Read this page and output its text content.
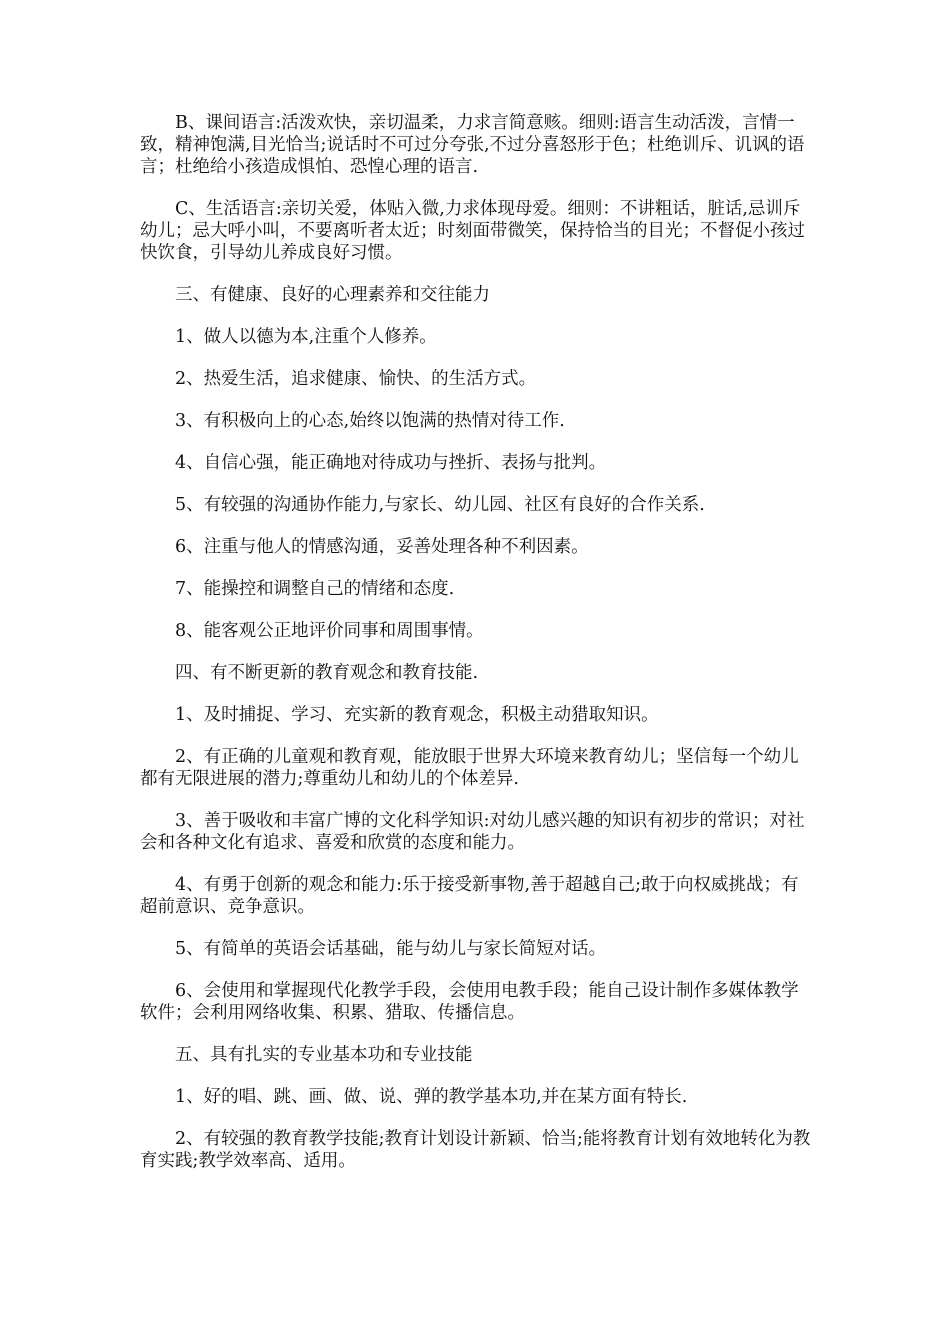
B、课间语言:活泼欢快，亲切温柔，力求言简意赅。细则:语言生动活泼，言情一致，精神饱满,目光恰当;说话时不可过分夸张,不过分喜怒形于色；杜绝训斥、讥讽的语言；杜绝给小孩造成惧怕、恐惶心理的语言.

C、生活语言:亲切关爱，体贴入微,力求体现母爱。细则：不讲粗话，脏话,忌训斥幼儿；忌大呼小叫，不要离听者太近；时刻面带微笑，保持恰当的目光；不督促小孩过快饮食，引导幼儿养成良好习惯。

三、有健康、良好的心理素养和交往能力

1、做人以德为本,注重个人修养。

2、热爱生活，追求健康、愉快、的生活方式。

3、有积极向上的心态,始终以饱满的热情对待工作.

4、自信心强，能正确地对待成功与挫折、表扬与批判。

5、有较强的沟通协作能力,与家长、幼儿园、社区有良好的合作关系.

6、注重与他人的情感沟通，妥善处理各种不利因素。

7、能操控和调整自己的情绪和态度.

8、能客观公正地评价同事和周围事情。

四、有不断更新的教育观念和教育技能.

1、及时捕捉、学习、充实新的教育观念，积极主动猎取知识。

2、有正确的儿童观和教育观，能放眼于世界大环境来教育幼儿；坚信每一个幼儿都有无限进展的潜力;尊重幼儿和幼儿的个体差异.

3、善于吸收和丰富广博的文化科学知识:对幼儿感兴趣的知识有初步的常识；对社会和各种文化有追求、喜爱和欣赏的态度和能力。

4、有勇于创新的观念和能力:乐于接受新事物,善于超越自己;敢于向权威挑战；有超前意识、竞争意识。

5、有简单的英语会话基础，能与幼儿与家长简短对话。

6、会使用和掌握现代化教学手段，会使用电教手段；能自己设计制作多媒体教学软件；会利用网络收集、积累、猎取、传播信息。

五、具有扎实的专业基本功和专业技能

1、好的唱、跳、画、做、说、弹的教学基本功,并在某方面有特长.

2、有较强的教育教学技能;教育计划设计新颖、恰当;能将教育计划有效地转化为教育实践;教学效率高、适用。
